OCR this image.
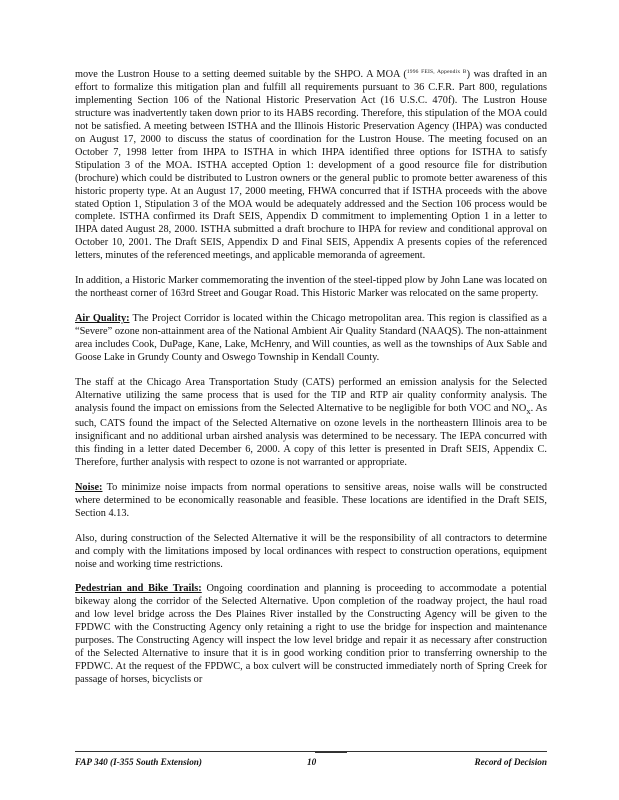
move the Lustron House to a setting deemed suitable by the SHPO. A MOA ($^{1996 FEIS, Appendix B}$) was drafted in an effort to formalize this mitigation plan and fulfill all requirements pursuant to 36 C.F.R. Part 800, regulations implementing Section 106 of the National Historic Preservation Act (16 U.S.C. 470f). The Lustron House structure was inadvertently taken down prior to its HABS recording. Therefore, this stipulation of the MOA could not be satisfied. A meeting between ISTHA and the Illinois Historic Preservation Agency (IHPA) was conducted on August 17, 2000 to discuss the status of coordination for the Lustron House. The meeting focused on an October 7, 1998 letter from IHPA to ISTHA in which IHPA identified three options for ISTHA to satisfy Stipulation 3 of the MOA. ISTHA accepted Option 1: development of a good resource file for distribution (brochure) which could be distributed to Lustron owners or the general public to promote better awareness of this historic property type. At an August 17, 2000 meeting, FHWA concurred that if ISTHA proceeds with the above stated Option 1, Stipulation 3 of the MOA would be adequately addressed and the Section 106 process would be complete. ISTHA confirmed its Draft SEIS, Appendix D commitment to implementing Option 1 in a letter to IHPA dated August 28, 2000. ISTHA submitted a draft brochure to IHPA for review and conditional approval on October 10, 2001. The Draft SEIS, Appendix D and Final SEIS, Appendix A presents copies of the referenced letters, minutes of the referenced meetings, and applicable memoranda of agreement.

In addition, a Historic Marker commemorating the invention of the steel-tipped plow by John Lane was located on the northeast corner of 163rd Street and Gougar Road. This Historic Marker was relocated on the same property.

Air Quality: The Project Corridor is located within the Chicago metropolitan area. This region is classified as a “Severe” ozone non-attainment area of the National Ambient Air Quality Standard (NAAQS). The non-attainment area includes Cook, DuPage, Kane, Lake, McHenry, and Will counties, as well as the townships of Aux Sable and Goose Lake in Grundy County and Oswego Township in Kendall County.

The staff at the Chicago Area Transportation Study (CATS) performed an emission analysis for the Selected Alternative utilizing the same process that is used for the TIP and RTP air quality conformity analysis. The analysis found the impact on emissions from the Selected Alternative to be negligible for both VOC and $NO_x$. As such, CATS found the impact of the Selected Alternative on ozone levels in the northeastern Illinois area to be insignificant and no additional urban airshed analysis was determined to be necessary. The IEPA concurred with this finding in a letter dated December 6, 2000. A copy of this letter is presented in Draft SEIS, Appendix C. Therefore, further analysis with respect to ozone is not warranted or appropriate.

Noise: To minimize noise impacts from normal operations to sensitive areas, noise walls will be constructed where determined to be economically reasonable and feasible. These locations are identified in the Draft SEIS, Section 4.13.

Also, during construction of the Selected Alternative it will be the responsibility of all contractors to determine and comply with the limitations imposed by local ordinances with respect to construction operations, equipment noise and working time restrictions.

Pedestrian and Bike Trails: Ongoing coordination and planning is proceeding to accommodate a potential bikeway along the corridor of the Selected Alternative. Upon completion of the roadway project, the haul road and low level bridge across the Des Plaines River installed by the Constructing Agency will be given to the FPDWC with the Constructing Agency only retaining a right to use the bridge for inspection and maintenance purposes. The Constructing Agency will inspect the low level bridge and repair it as necessary after construction of the Selected Alternative to insure that it is in good working condition prior to transferring ownership to the FPDWC. At the request of the FPDWC, a box culvert will be constructed immediately north of Spring Creek for passage of horses, bicyclists or

FAP 340 (I-355 South Extension)	10	Record of Decision
